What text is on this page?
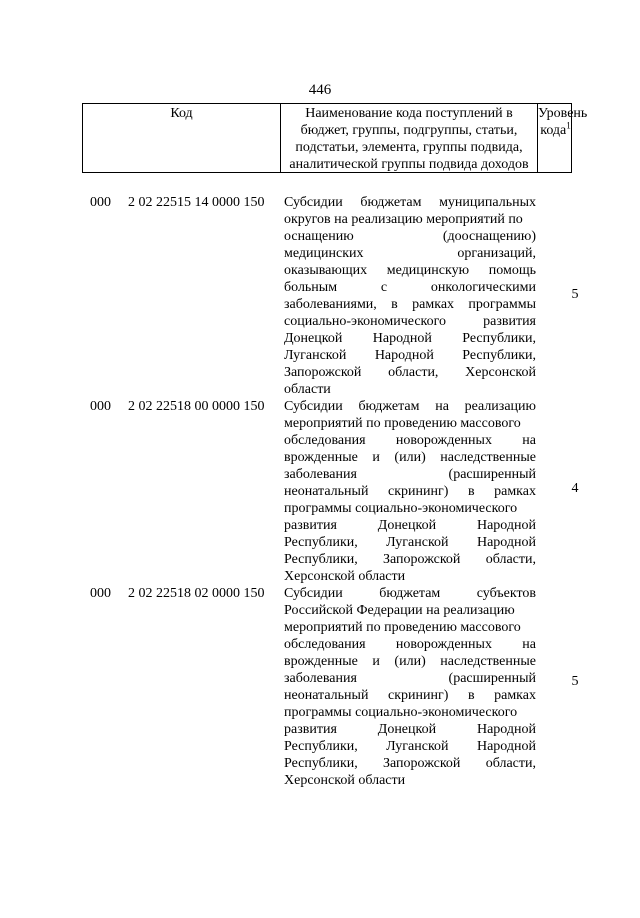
446
Код	Наименование кода поступлений в
бюджет, группы, подгруппы, статьи,
подстатьи, элемента, группы подвида,
аналитической группы подвида доходов
Уровень
кода$^1$
000 2 02 22515 14 0000 150 Субсидии бюджетам муниципальных
округов на реализацию мероприятий по
оснащению (дооснащению)
медицинских организаций,
оказывающих медицинскую помощь
больным с онкологическими
заболеваниями, в рамках программы
социально-экономического развития
Донецкой Народной Республики,
Луганской Народной Республики,
Запорожской области, Херсонской
области
5
000 2 02 22518 00 0000 150 Субсидии бюджетам на реализацию
мероприятий по проведению массового
обследования новорожденных на
врожденные и (или) наследственные
заболевания (расширенный
неонатальный скрининг) в рамках
программы социально-экономического
развития Донецкой Народной
Республики, Луганской Народной
Республики, Запорожской области,
Херсонской области
4
000 2 02 22518 02 0000 150 Субсидии бюджетам субъектов
Российской Федерации на реализацию
мероприятий по проведению массового
обследования новорожденных на
врожденные и (или) наследственные
заболевания (расширенный
неонатальный скрининг) в рамках
программы социально-экономического
развития Донецкой Народной
Республики, Луганской Народной
Республики, Запорожской области,
Херсонской области
5
